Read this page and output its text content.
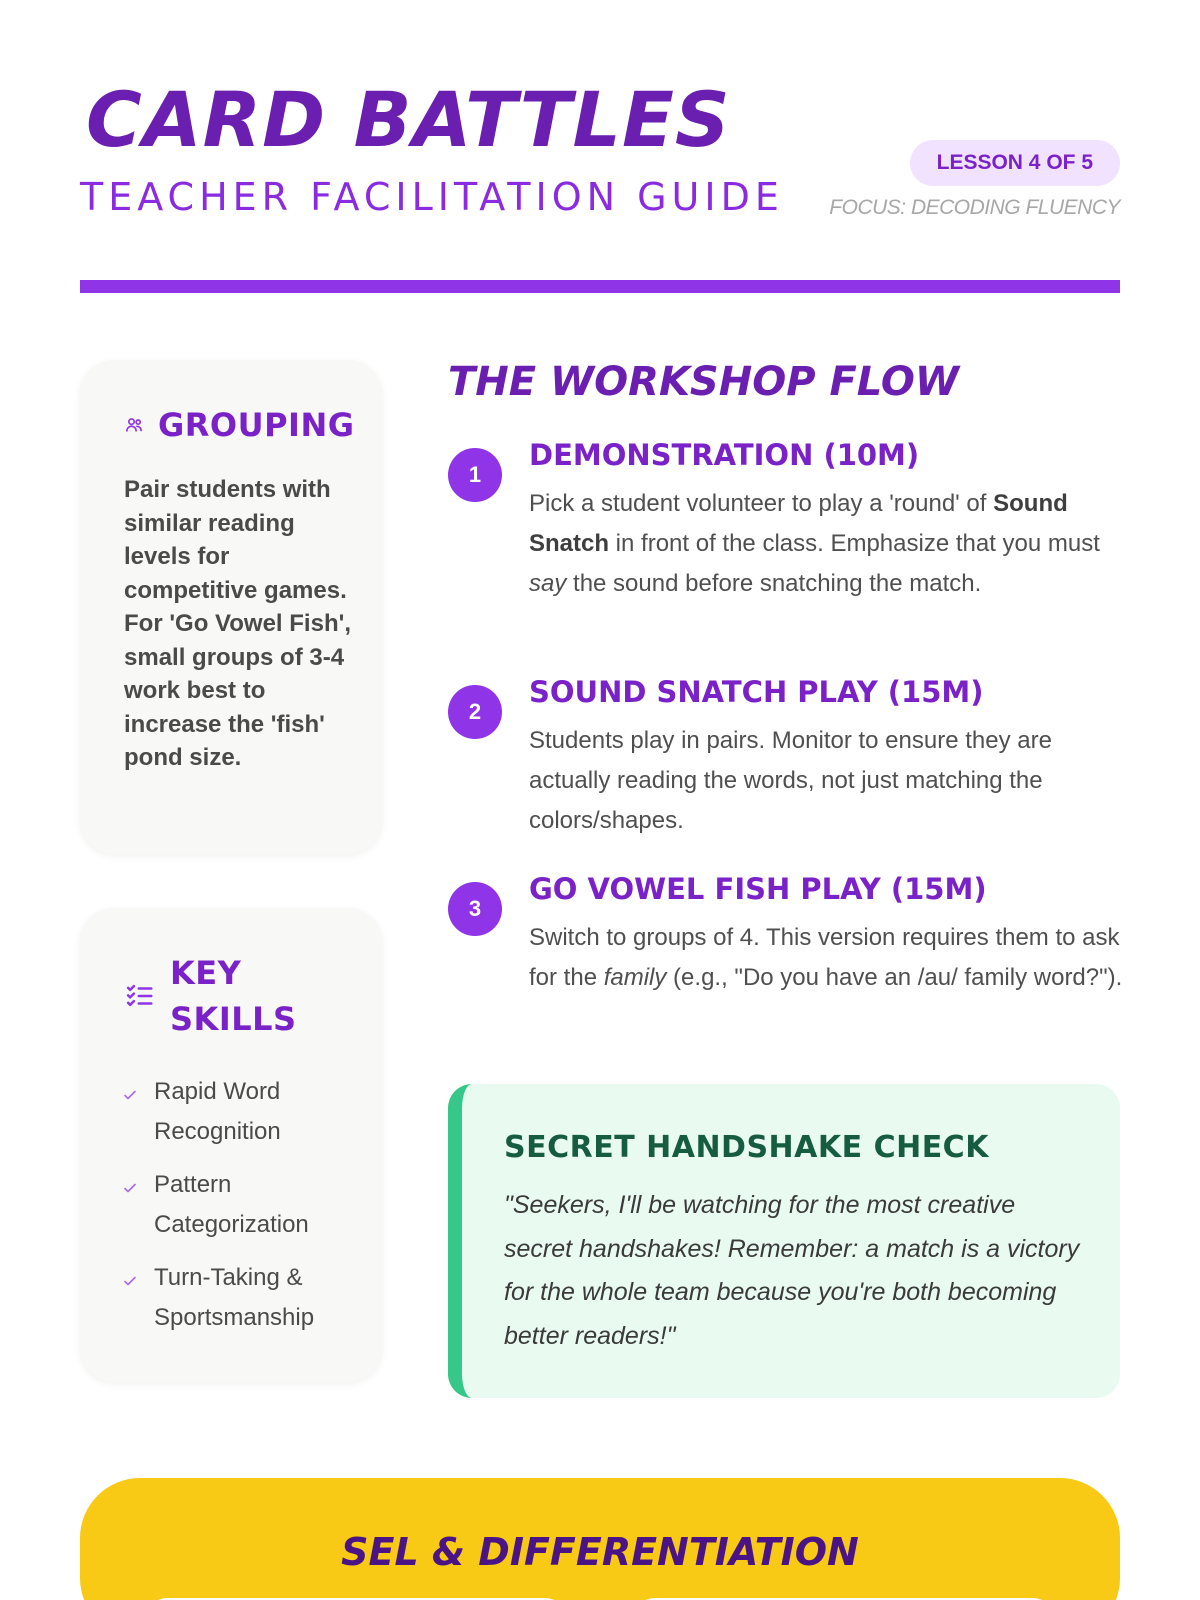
CARD BATTLES
TEACHER FACILITATION GUIDE
LESSON 4 OF 5
FOCUS: DECODING FLUENCY
GROUPING
Pair students with similar reading levels for competitive games. For 'Go Vowel Fish', small groups of 3-4 work best to increase the 'fish' pond size.
KEY SKILLS
Rapid Word Recognition
Pattern Categorization
Turn-Taking & Sportsmanship
THE WORKSHOP FLOW
1
DEMONSTRATION (10M)
Pick a student volunteer to play a 'round' of Sound Snatch in front of the class. Emphasize that you must say the sound before snatching the match.
2
SOUND SNATCH PLAY (15M)
Students play in pairs. Monitor to ensure they are actually reading the words, not just matching the colors/shapes.
3
GO VOWEL FISH PLAY (15M)
Switch to groups of 4. This version requires them to ask for the family (e.g., "Do you have an /au/ family word?").
SECRET HANDSHAKE CHECK

"Seekers, I'll be watching for the most creative secret handshakes! Remember: a match is a victory for the whole team because you're both becoming better readers!"

SEL & DIFFERENTIATION
